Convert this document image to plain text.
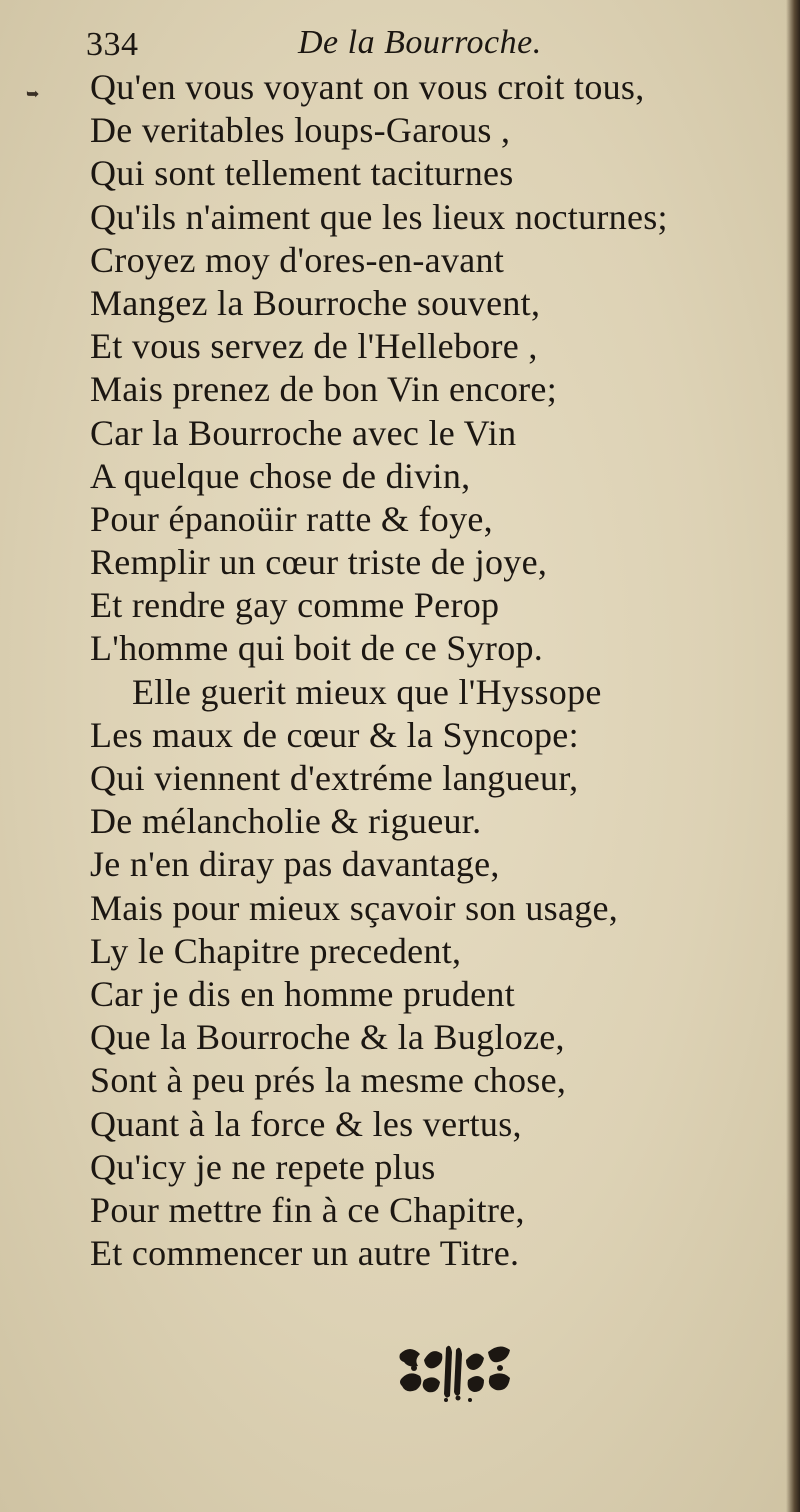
334	De la Bourroche.
➥ Qu'en vous voyant on vous croit tous,
De veritables loups-Garous ,
Qui sont tellement taciturnes
Qu'ils n'aiment que les lieux nocturnes;
Croyez moy d'ores-en-avant
Mangez la Bourroche souvent,
Et vous servez de l'Hellebore ,
Mais prenez de bon Vin encore;
Car la Bourroche avec le Vin
A quelque chose de divin,
Pour épanoüir ratte & foye,
Remplir un cœur triste de joye,
Et rendre gay comme Perop
L'homme qui boit de ce Syrop.
Elle guerit mieux que l'Hyssope
Les maux de cœur & la Syncope:
Qui viennent d'extréme langueur,
De mélancholie & rigueur.
Je n'en diray pas davantage,
Mais pour mieux sçavoir son usage,
Ly le Chapitre precedent,
Car je dis en homme prudent
Que la Bourroche & la Bugloze,
Sont à peu prés la mesme chose,
Quant à la force & les vertus,
Qu'icy je ne repete plus
Pour mettre fin à ce Chapitre,
Et commencer un autre Titre.
